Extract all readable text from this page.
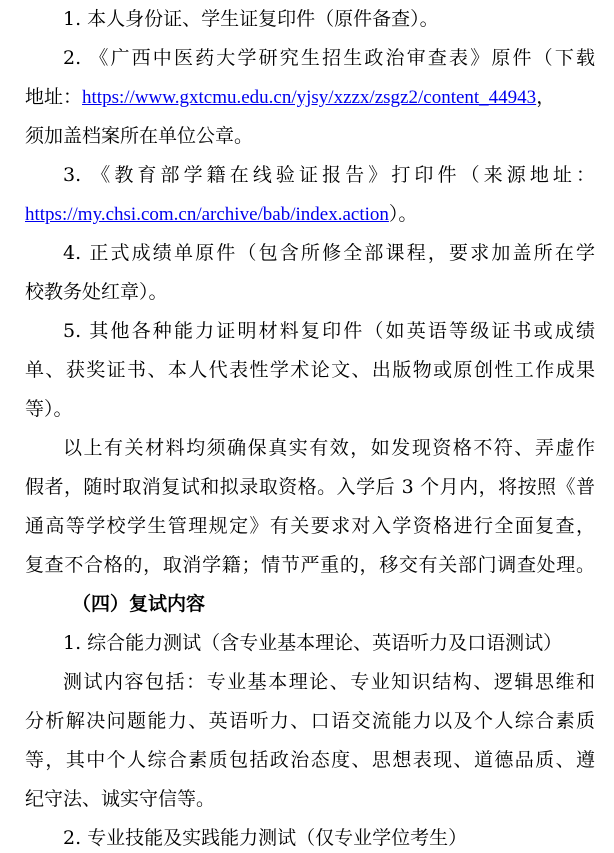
1. 本人身份证、学生证复印件（原件备查）。
2. 《广西中医药大学研究生招生政治审查表》原件（下载
地址：https://www.gxtcmu.edu.cn/yjsy/xzzx/zsgz2/content_44943，
须加盖档案所在单位公章。
3. 《教育部学籍在线验证报告》打印件（来源地址：
https://my.chsi.com.cn/archive/bab/index.action）。
4. 正式成绩单原件（包含所修全部课程，要求加盖所在学
校教务处红章）。
5. 其他各种能力证明材料复印件（如英语等级证书或成绩
单、获奖证书、本人代表性学术论文、出版物或原创性工作成果
等）。
以上有关材料均须确保真实有效，如发现资格不符、弄虚作
假者，随时取消复试和拟录取资格。入学后 3 个月内，将按照《普
通高等学校学生管理规定》有关要求对入学资格进行全面复查，
复查不合格的，取消学籍；情节严重的，移交有关部门调查处理。
（四）复试内容
1. 综合能力测试（含专业基本理论、英语听力及口语测试）
测试内容包括：专业基本理论、专业知识结构、逻辑思维和
分析解决问题能力、英语听力、口语交流能力以及个人综合素质
等，其中个人综合素质包括政治态度、思想表现、道德品质、遵
纪守法、诚实守信等。
2. 专业技能及实践能力测试（仅专业学位考生）
